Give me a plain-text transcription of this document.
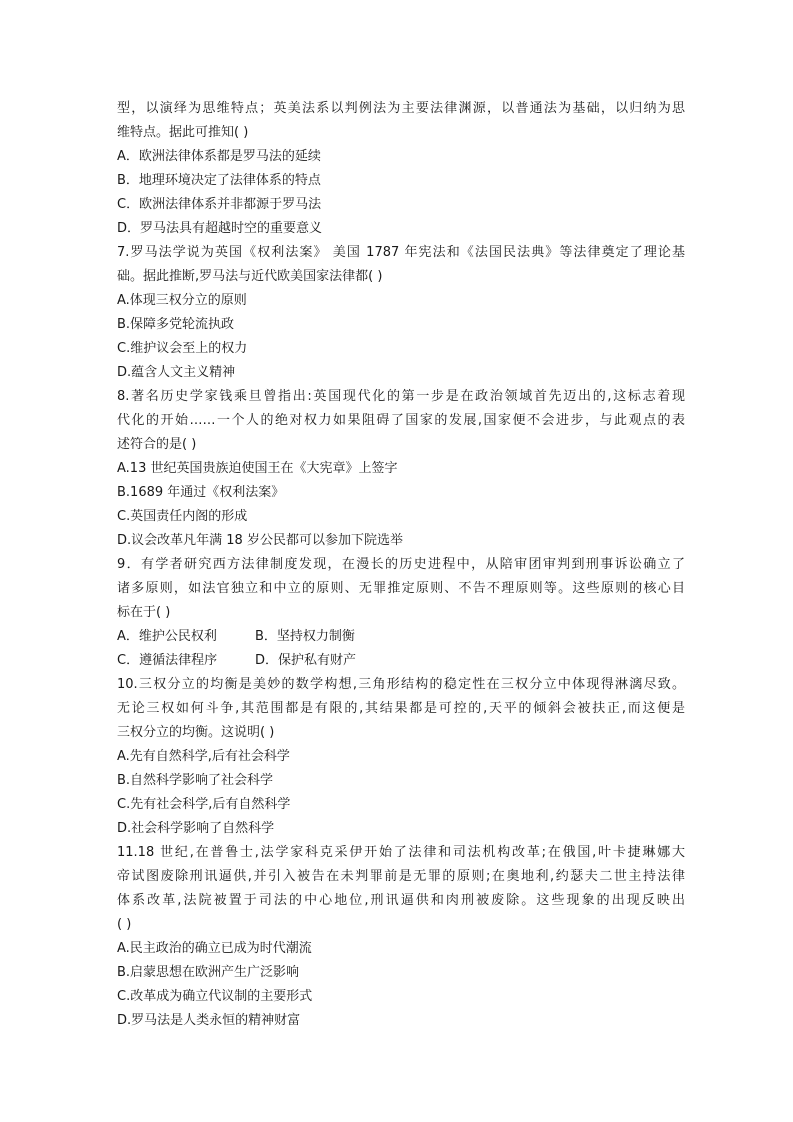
型，以演绎为思维特点；英美法系以判例法为主要法律渊源，以普通法为基础，以归纳为思
维特点。据此可推知( )
A．欧洲法律体系都是罗马法的延续
B．地理环境决定了法律体系的特点
C．欧洲法律体系并非都源于罗马法
D．罗马法具有超越时空的重要意义
7.罗马法学说为英国《权利法案》 美国 1787 年宪法和《法国民法典》等法律奠定了理论基
础。据此推断,罗马法与近代欧美国家法律都( )
A.体现三权分立的原则
B.保障多党轮流执政
C.维护议会至上的权力
D.蕴含人文主义精神
8.著名历史学家钱乘旦曾指出:英国现代化的第一步是在政治领域首先迈出的,这标志着现
代化的开始……一个人的绝对权力如果阻碍了国家的发展,国家便不会进步，与此观点的表
述符合的是( )
A.13 世纪英国贵族迫使国王在《大宪章》上签字
B.1689 年通过《权利法案》
C.英国责任内阁的形成
D.议会改革凡年满 18 岁公民都可以参加下院选举
9．有学者研究西方法律制度发现，在漫长的历史进程中，从陪审团审判到刑事诉讼确立了
诸多原则，如法官独立和中立的原则、无罪推定原则、不告不理原则等。这些原则的核心目
标在于( )
A．维护公民权利	B．坚持权力制衡
C．遵循法律程序	D．保护私有财产
10.三权分立的均衡是美妙的数学构想,三角形结构的稳定性在三权分立中体现得淋漓尽致。
无论三权如何斗争,其范围都是有限的,其结果都是可控的,天平的倾斜会被扶正,而这便是
三权分立的均衡。这说明( )
A.先有自然科学,后有社会科学
B.自然科学影响了社会科学
C.先有社会科学,后有自然科学
D.社会科学影响了自然科学
11.18 世纪,在普鲁士,法学家科克采伊开始了法律和司法机构改革;在俄国,叶卡捷琳娜大
帝试图废除刑讯逼供,并引入被告在未判罪前是无罪的原则;在奥地利,约瑟夫二世主持法律
体系改革,法院被置于司法的中心地位,刑讯逼供和肉刑被废除。这些现象的出现反映出
( )
A.民主政治的确立已成为时代潮流
B.启蒙思想在欧洲产生广泛影响
C.改革成为确立代议制的主要形式
D.罗马法是人类永恒的精神财富
